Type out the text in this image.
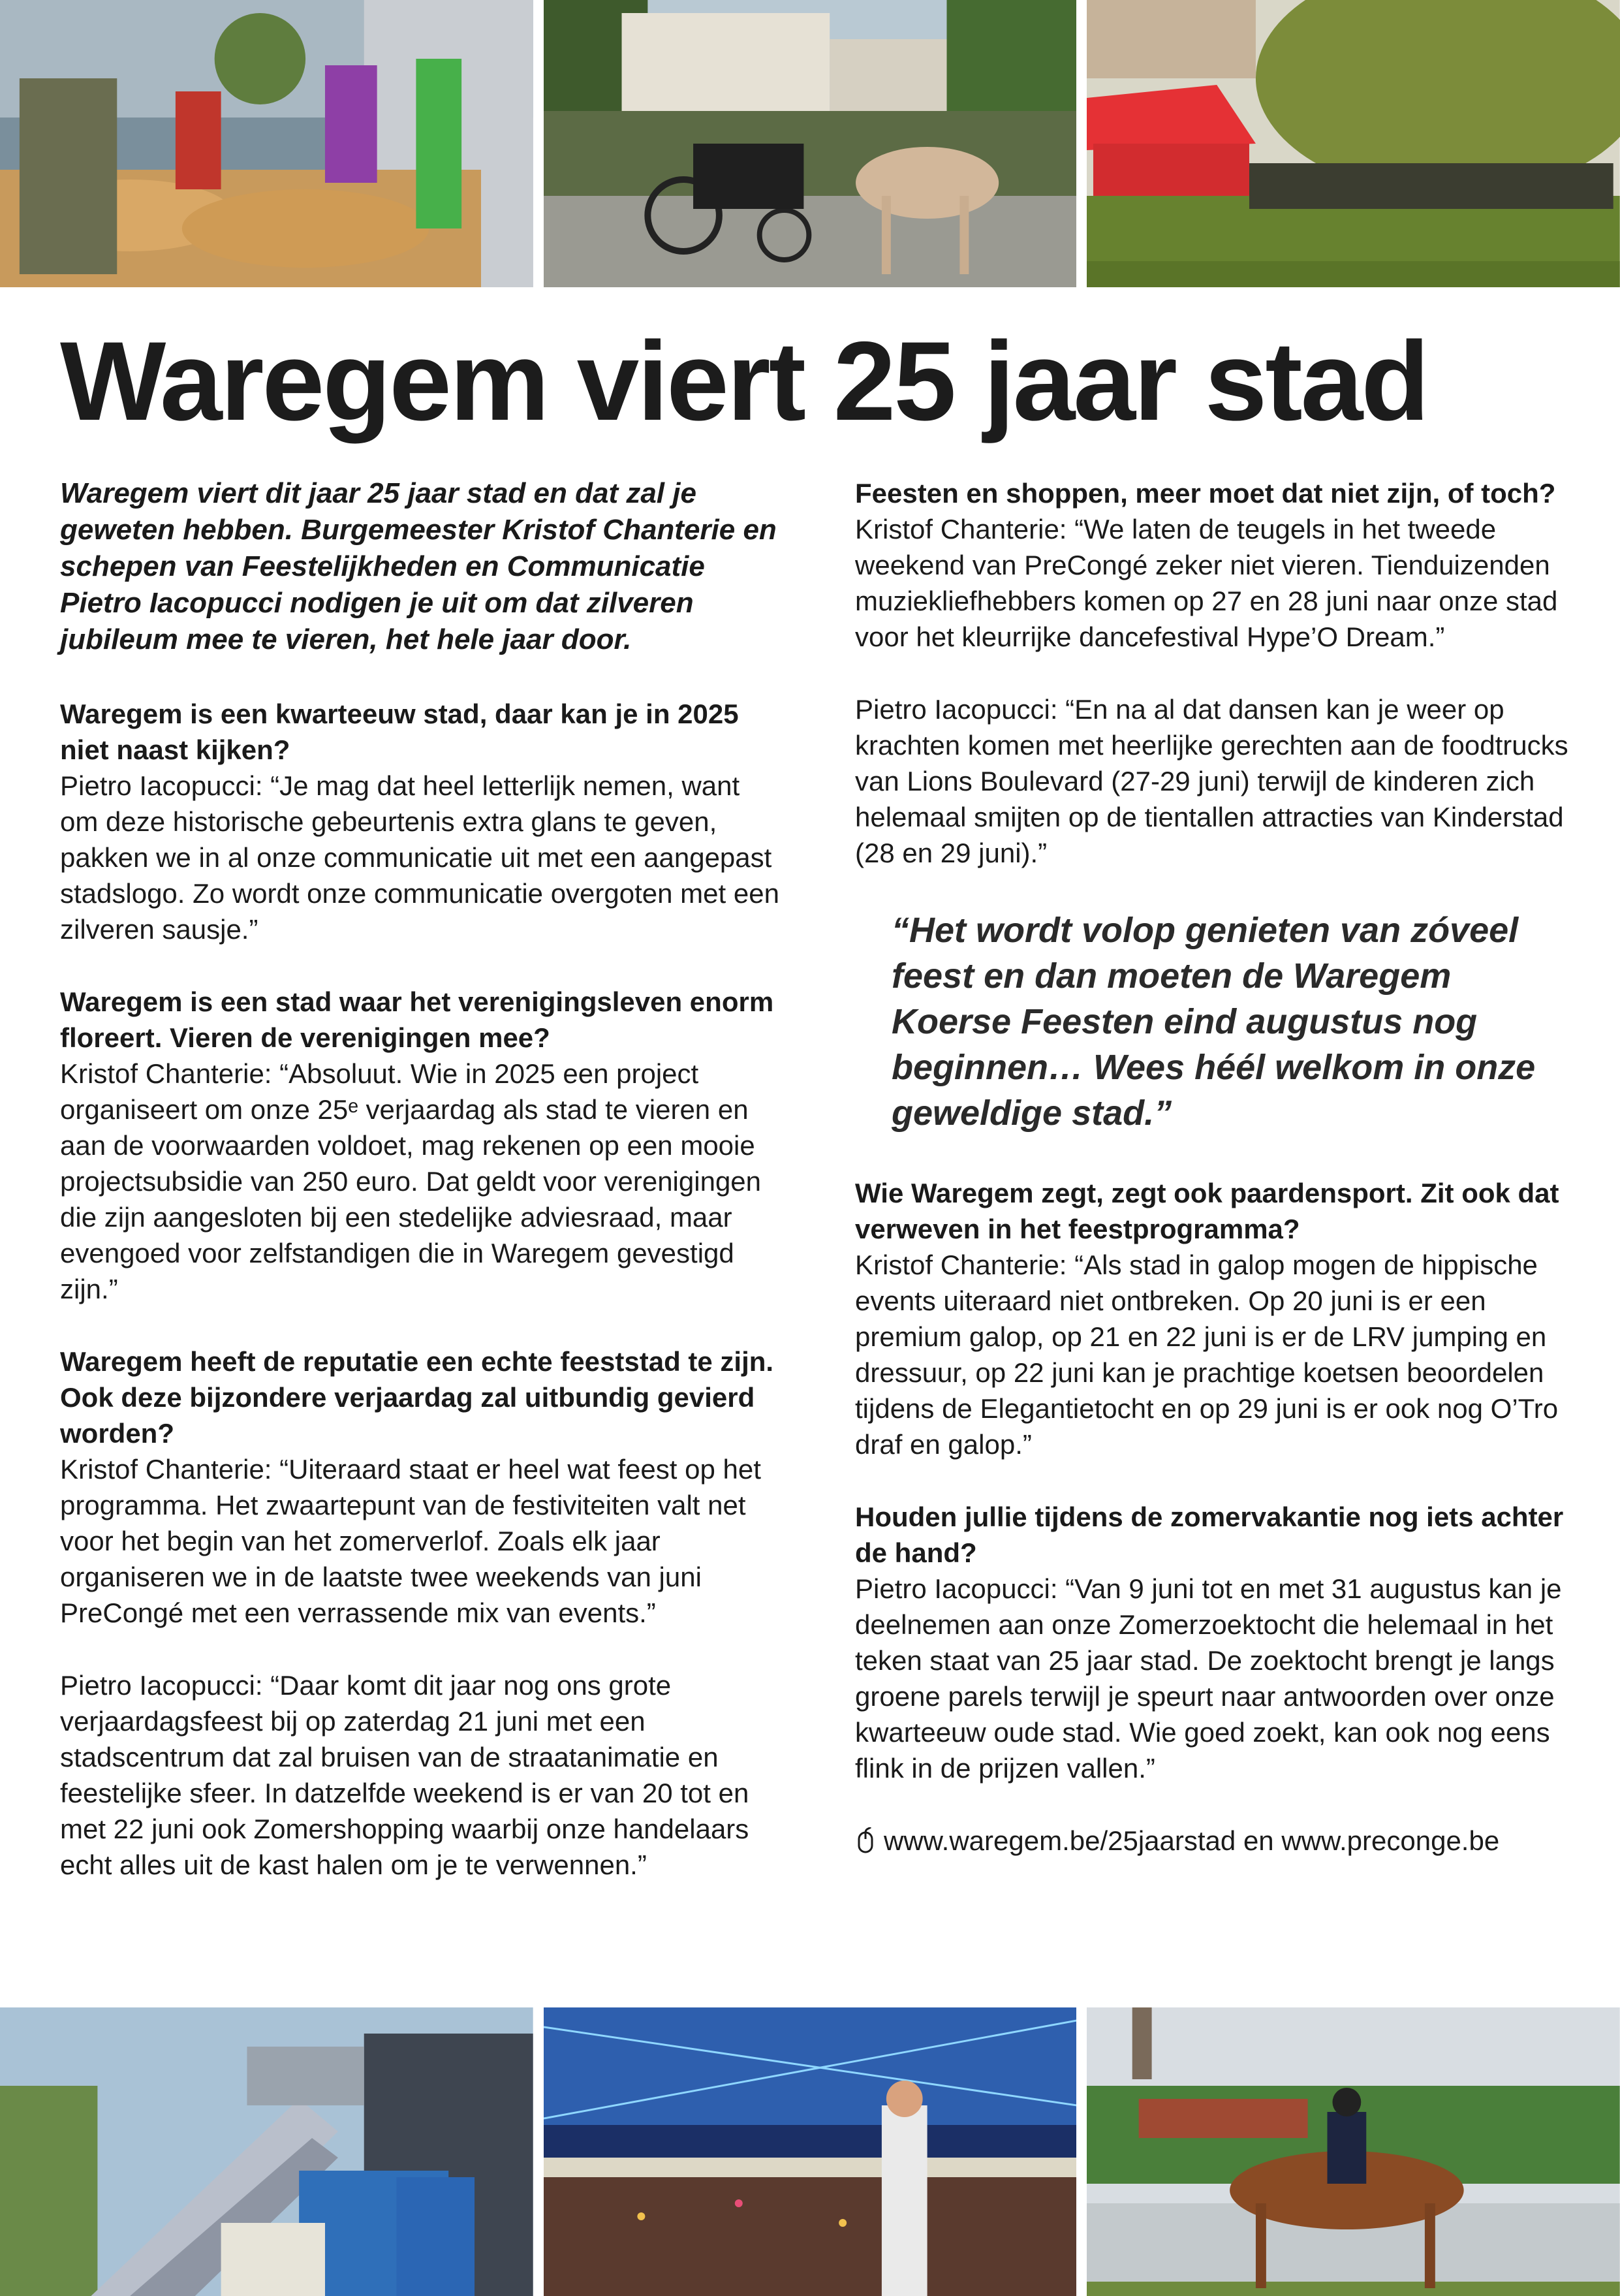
Waregem viert 25 jaar stad

Waregem viert dit jaar 25 jaar stad en dat zal je geweten hebben. Burgemeester Kristof Chanterie en schepen van Feestelijkheden en Communicatie Pietro Iacopucci nodigen je uit om dat zilveren jubileum mee te vieren, het hele jaar door.

Waregem is een kwarteeuw stad, daar kan je in 2025 niet naast kijken?

Pietro Iacopucci: “Je mag dat heel letterlijk nemen, want om deze historische gebeurtenis extra glans te geven, pakken we in al onze communicatie uit met een aangepast stadslogo. Zo wordt onze communicatie overgoten met een zilveren sausje.”

Waregem is een stad waar het verenigingsleven enorm floreert. Vieren de verenigingen mee?

Kristof Chanterie: “Absoluut. Wie in 2025 een project organiseert om onze 25ᵉ verjaardag als stad te vieren en aan de voorwaarden voldoet, mag rekenen op een mooie projectsubsidie van 250 euro. Dat geldt voor verenigingen die zijn aangesloten bij een stedelijke adviesraad, maar evengoed voor zelfstandigen die in Waregem gevestigd zijn.”

Waregem heeft de reputatie een echte feeststad te zijn. Ook deze bijzondere verjaardag zal uitbundig gevierd worden?

Kristof Chanterie: “Uiteraard staat er heel wat feest op het programma. Het zwaartepunt van de festiviteiten valt net voor het begin van het zomerverlof. Zoals elk jaar organiseren we in de laatste twee weekends van juni PreCongé met een verrassende mix van events.”

Pietro Iacopucci: “Daar komt dit jaar nog ons grote verjaardagsfeest bij op zaterdag 21 juni met een stadscentrum dat zal bruisen van de straatanimatie en feestelijke sfeer. In datzelfde weekend is er van 20 tot en met 22 juni ook Zomershopping waarbij onze handelaars echt alles uit de kast halen om je te verwennen.”

Feesten en shoppen, meer moet dat niet zijn, of toch?

Kristof Chanterie: “We laten de teugels in het tweede weekend van PreCongé zeker niet vieren. Tienduizenden muziekliefhebbers komen op 27 en 28 juni naar onze stad voor het kleurrijke dancefestival Hype’O Dream.”

Pietro Iacopucci: “En na al dat dansen kan je weer op krachten komen met heerlijke gerechten aan de foodtrucks van Lions Boulevard (27-29 juni) terwijl de kinderen zich helemaal smijten op de tientallen attracties van Kinderstad (28 en 29 juni).”

“Het wordt volop genieten van zóveel feest en dan moeten de Waregem Koerse Feesten eind augustus nog beginnen… Wees héél welkom in onze geweldige stad.”

Wie Waregem zegt, zegt ook paardensport. Zit ook dat verweven in het feestprogramma?

Kristof Chanterie: “Als stad in galop mogen de hippische events uiteraard niet ontbreken. Op 20 juni is er een premium galop, op 21 en 22 juni is er de LRV jumping en dressuur, op 22 juni kan je prachtige koetsen beoordelen tijdens de Elegantietocht en op 29 juni is er ook nog O’Tro draf en galop.”

Houden jullie tijdens de zomervakantie nog iets achter de hand?

Pietro Iacopucci: “Van 9 juni tot en met 31 augustus kan je deelnemen aan onze Zomerzoektocht die helemaal in het teken staat van 25 jaar stad. De zoektocht brengt je langs groene parels terwijl je speurt naar antwoorden over onze kwarteeuw oude stad. Wie goed zoekt, kan ook nog eens flink in de prijzen vallen.”

www.waregem.be/25jaarstad en www.preconge.be
